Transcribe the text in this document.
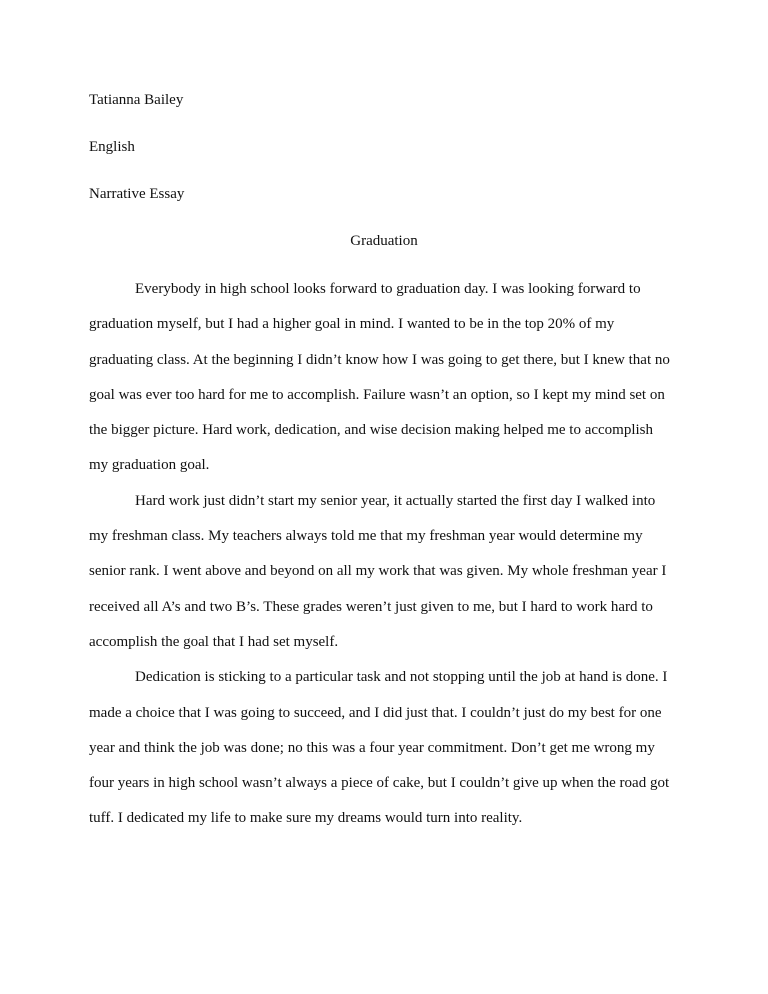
Tatianna Bailey
English
Narrative Essay
Graduation
Everybody in high school looks forward to graduation day. I was looking forward to
graduation myself, but I had a higher goal in mind. I wanted to be in the top 20% of my
graduating class. At the beginning I didn’t know how I was going to get there, but I knew that no
goal was ever too hard for me to accomplish. Failure wasn’t an option, so I kept my mind set on
the bigger picture. Hard work, dedication, and wise decision making helped me to accomplish
my graduation goal.
Hard work just didn’t start my senior year, it actually started the first day I walked into
my freshman class. My teachers always told me that my freshman year would determine my
senior rank. I went above and beyond on all my work that was given. My whole freshman year I
received all A’s and two B’s. These grades weren’t just given to me, but I hard to work hard to
accomplish the goal that I had set myself.
Dedication is sticking to a particular task and not stopping until the job at hand is done. I
made a choice that I was going to succeed, and I did just that. I couldn’t just do my best for one
year and think the job was done; no this was a four year commitment. Don’t get me wrong my
four years in high school wasn’t always a piece of cake, but I couldn’t give up when the road got
tuff. I dedicated my life to make sure my dreams would turn into reality.
